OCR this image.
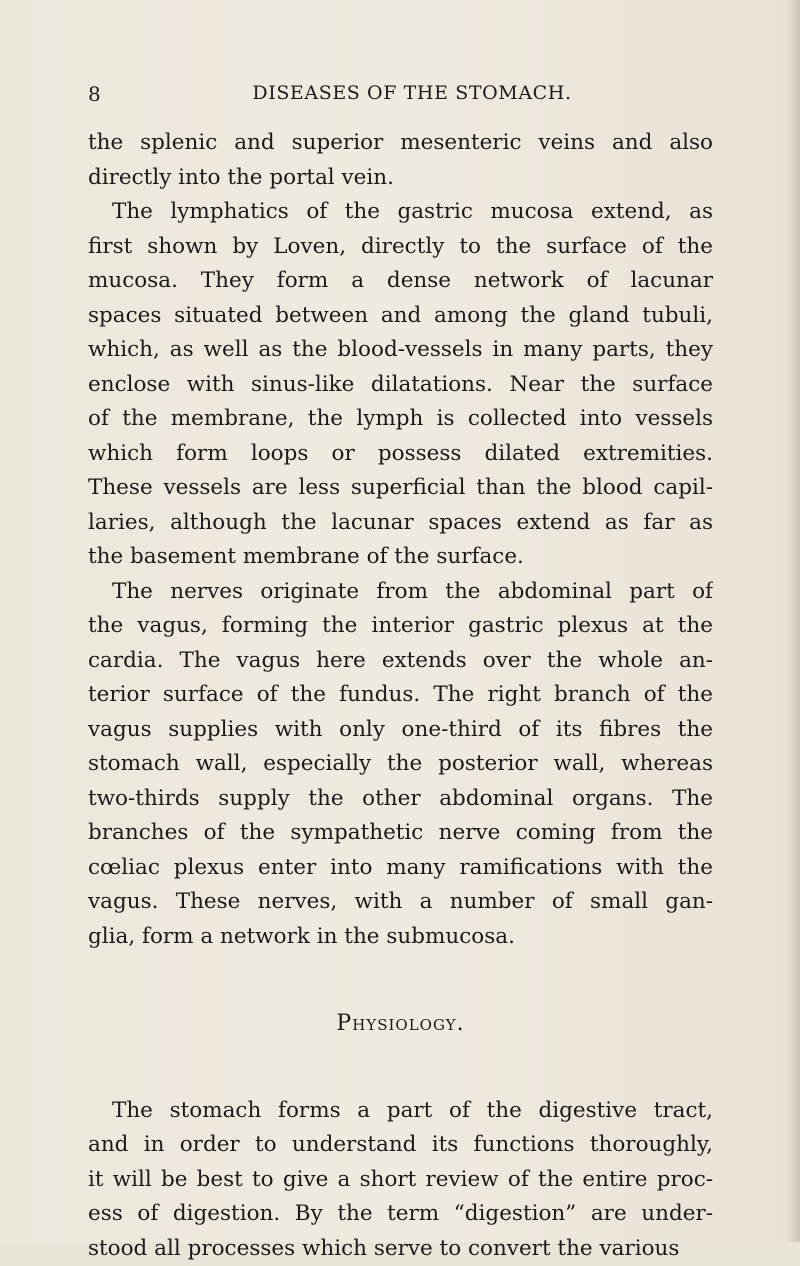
8	DISEASES OF THE STOMACH.
the splenic and superior mesenteric veins and also
directly into the portal vein.
The lymphatics of the gastric mucosa extend, as
first shown by Loven, directly to the surface of the
mucosa. They form a dense network of lacunar
spaces situated between and among the gland tubuli,
which, as well as the blood-vessels in many parts, they
enclose with sinus-like dilatations. Near the surface
of the membrane, the lymph is collected into vessels
which form loops or possess dilated extremities.
These vessels are less superficial than the blood capil-
laries, although the lacunar spaces extend as far as
the basement membrane of the surface.
The nerves originate from the abdominal part of
the vagus, forming the interior gastric plexus at the
cardia. The vagus here extends over the whole an-
terior surface of the fundus. The right branch of the
vagus supplies with only one-third of its fibres the
stomach wall, especially the posterior wall, whereas
two-thirds supply the other abdominal organs. The
branches of the sympathetic nerve coming from the
cœliac plexus enter into many ramifications with the
vagus. These nerves, with a number of small gan-
glia, form a network in the submucosa.
Physiology.
The stomach forms a part of the digestive tract,
and in order to understand its functions thoroughly,
it will be best to give a short review of the entire proc-
ess of digestion. By the term “digestion” are under-
stood all processes which serve to convert the various
